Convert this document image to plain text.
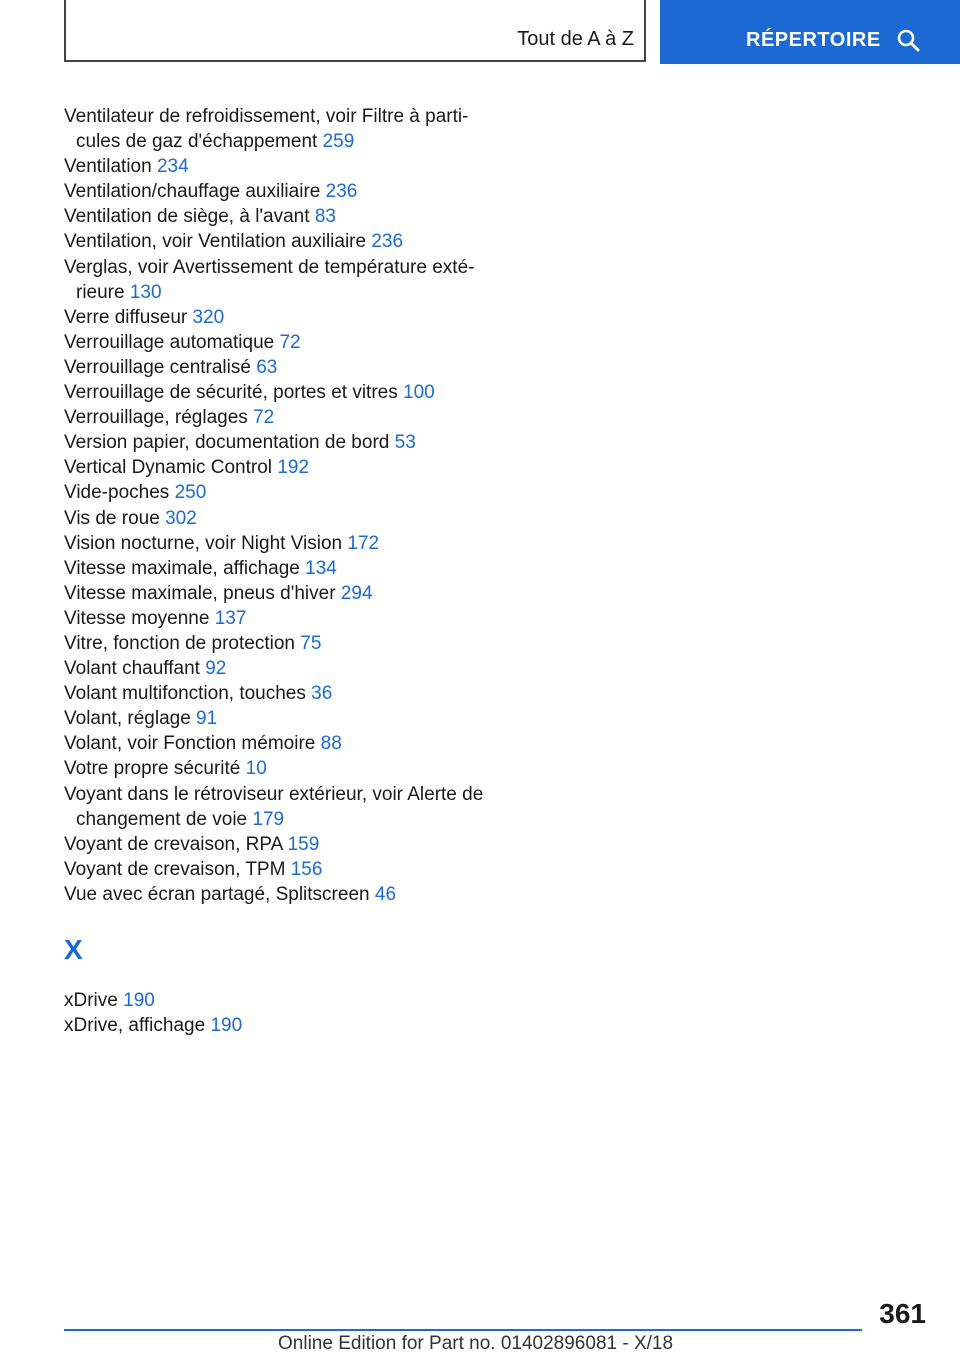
Tout de A à Z	RÉPERTOIRE
Ventilateur de refroidissement, voir Filtre à parti-cules de gaz d'échappement 259
Ventilation 234
Ventilation/chauffage auxiliaire 236
Ventilation de siège, à l'avant 83
Ventilation, voir Ventilation auxiliaire 236
Verglas, voir Avertissement de température exté-rieure 130
Verre diffuseur 320
Verrouillage automatique 72
Verrouillage centralisé 63
Verrouillage de sécurité, portes et vitres 100
Verrouillage, réglages 72
Version papier, documentation de bord 53
Vertical Dynamic Control 192
Vide-poches 250
Vis de roue 302
Vision nocturne, voir Night Vision 172
Vitesse maximale, affichage 134
Vitesse maximale, pneus d'hiver 294
Vitesse moyenne 137
Vitre, fonction de protection 75
Volant chauffant 92
Volant multifonction, touches 36
Volant, réglage 91
Volant, voir Fonction mémoire 88
Votre propre sécurité 10
Voyant dans le rétroviseur extérieur, voir Alerte de changement de voie 179
Voyant de crevaison, RPA 159
Voyant de crevaison, TPM 156
Vue avec écran partagé, Splitscreen 46
X
xDrive 190
xDrive, affichage 190
361
Online Edition for Part no. 01402896081 - X/18
